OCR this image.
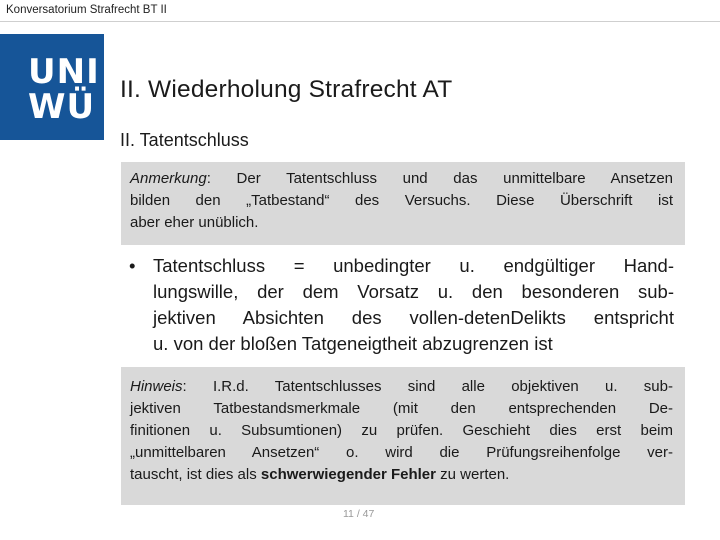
Konversatorium Strafrecht BT II
UNI
WÜ II. Wiederholung Strafrecht AT
II. Tatentschluss
Anmerkung: Der Tatentschluss und das unmittelbare Ansetzen
bilden den „Tatbestand“ des Versuchs. Diese Überschrift ist
aber eher unüblich.
• Tatentschluss = unbedingter u. endgültiger Hand-
lungswille, der dem Vorsatz u. den besonderen sub-
jektiven Absichten des vollen-detenDelikts entspricht
u. von der bloßen Tatgeneigtheit abzugrenzen ist
Hinweis: I.R.d. Tatentschlusses sind alle objektiven u. sub-
jektiven Tatbestandsmerkmale (mit den entsprechenden De-
finitionen u. Subsumtionen) zu prüfen. Geschieht dies erst beim
„unmittelbaren Ansetzen“ o. wird die Prüfungsreihenfolge ver-
tauscht, ist dies als schwerwiegender Fehler zu werten.
11 / 47
